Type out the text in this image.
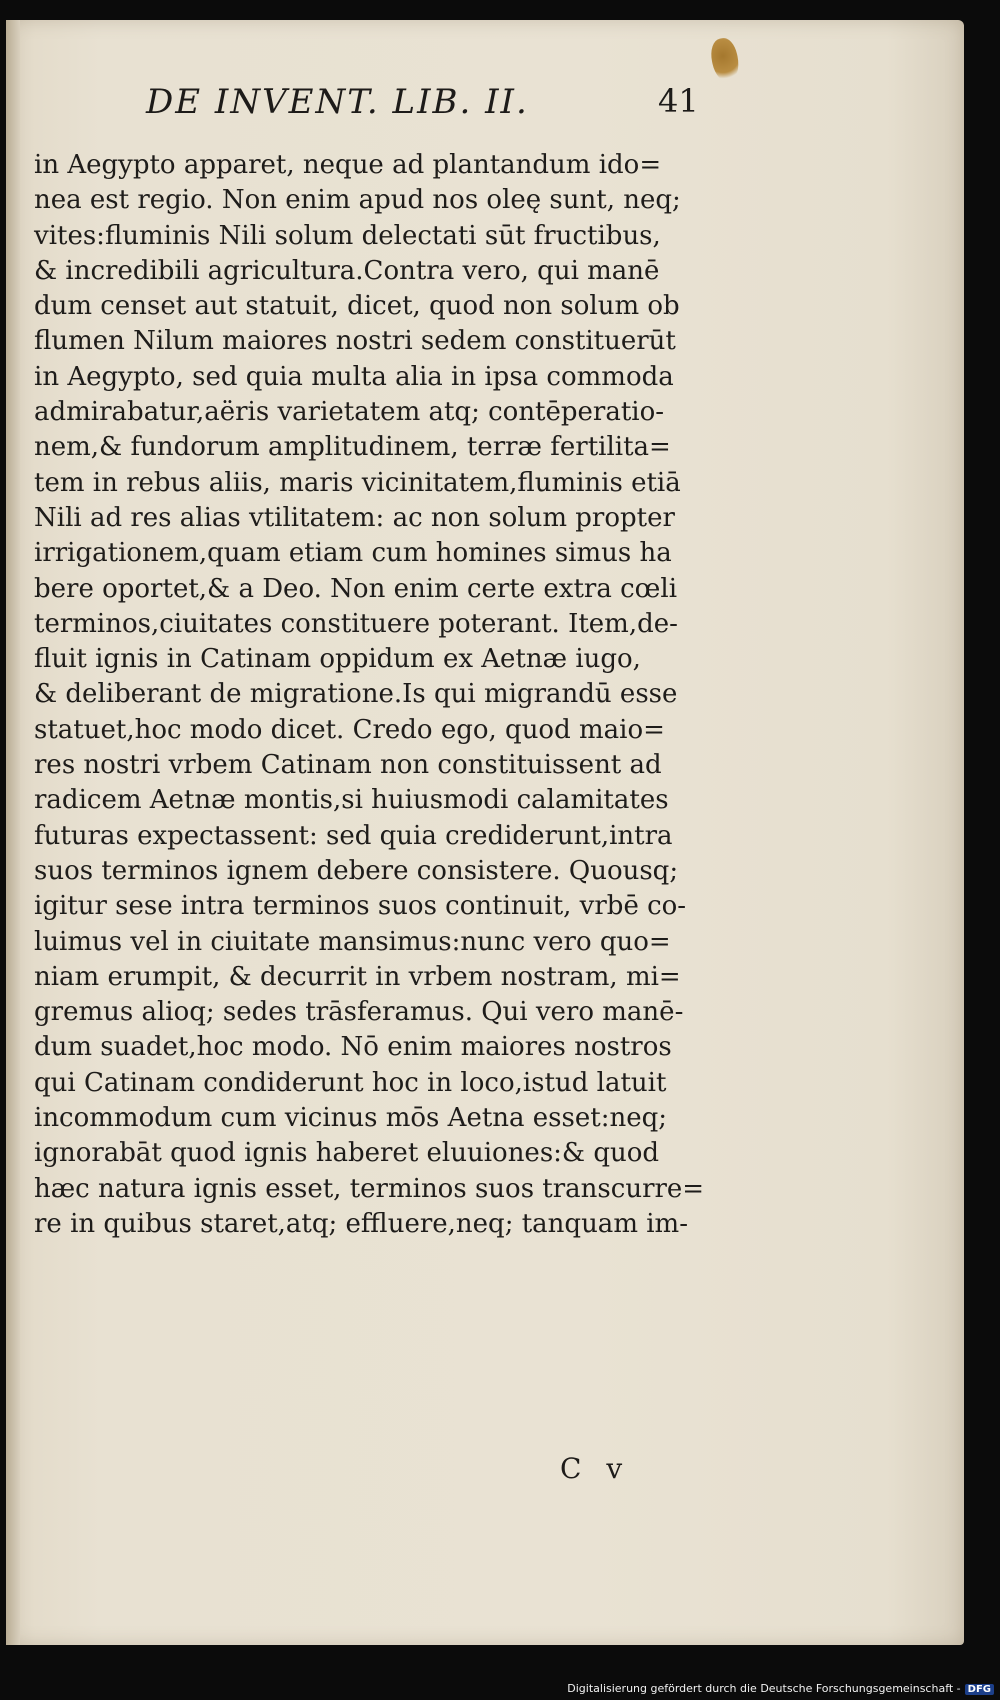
DE INVENT. LIB. II.	41
in Aegypto apparet, neque ad plantandum ido=
nea est regio. Non enim apud nos oleę sunt, neq;
vites:fluminis Nili solum delectati sūt fructibus,
& incredibili agricultura.Contra vero, qui manē
dum censet aut statuit, dicet, quod non solum ob
flumen Nilum maiores nostri sedem constituerūt
in Aegypto, sed quia multa alia in ipsa commoda
admirabatur,aëris varietatem atq; contēperatio-
nem,& fundorum amplitudinem, terræ fertilita=
tem in rebus aliis, maris vicinitatem,fluminis etiā
Nili ad res alias vtilitatem: ac non solum propter
irrigationem,quam etiam cum homines simus ha
bere oportet,& a Deo. Non enim certe extra cœli
terminos,ciuitates constituere poterant. Item,de-
fluit ignis in Catinam oppidum ex Aetnæ iugo,
& deliberant de migratione.Is qui migrandū esse
statuet,hoc modo dicet. Credo ego, quod maio=
res nostri vrbem Catinam non constituissent ad
radicem Aetnæ montis,si huiusmodi calamitates
futuras expectassent: sed quia crediderunt,intra
suos terminos ignem debere consistere. Quousq;
igitur sese intra terminos suos continuit, vrbē co-
luimus vel in ciuitate mansimus:nunc vero quo=
niam erumpit, & decurrit in vrbem nostram, mi=
gremus alioq; sedes trāsferamus. Qui vero manē-
dum suadet,hoc modo. Nō enim maiores nostros
qui Catinam condiderunt hoc in loco,istud latuit
incommodum cum vicinus mōs Aetna esset:neq;
ignorabāt quod ignis haberet eluuiones:& quod
hæc natura ignis esset, terminos suos transcurre=
re in quibus staret,atq; effluere,neq; tanquam im-
C v
Digitalisierung gefördert durch die Deutsche Forschungsgemeinschaft - DFG
